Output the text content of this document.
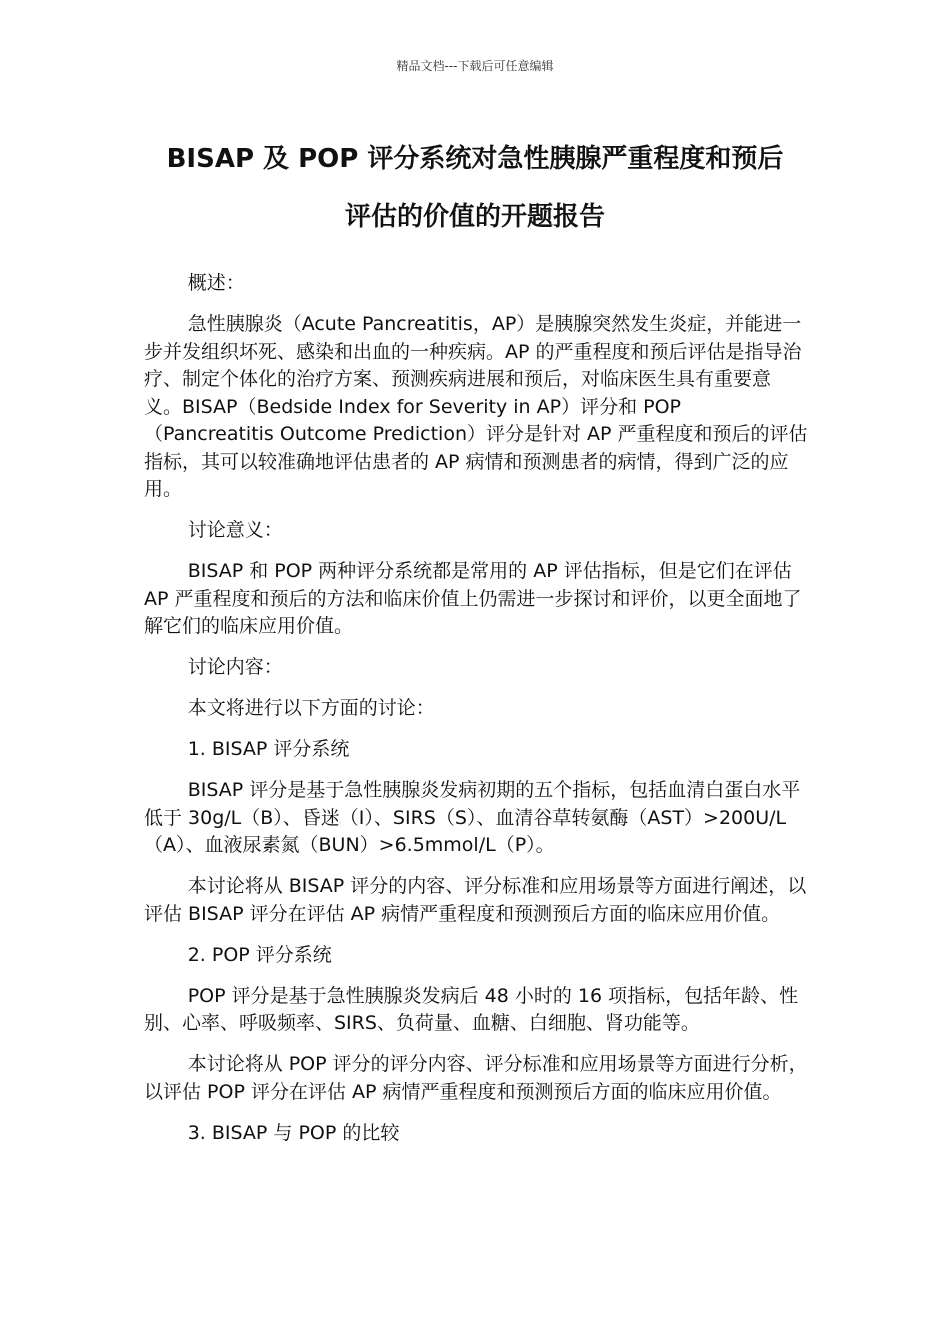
精品文档---下载后可任意编辑
BISAP 及 POP 评分系统对急性胰腺严重程度和预后
评估的价值的开题报告

概述：

急性胰腺炎（Acute Pancreatitis，AP）是胰腺突然发生炎症，并能进一步并发组织坏死、感染和出血的一种疾病。AP 的严重程度和预后评估是指导治疗、制定个体化的治疗方案、预测疾病进展和预后，对临床医生具有重要意义。BISAP（Bedside Index for Severity in AP）评分和 POP（Pancreatitis Outcome Prediction）评分是针对 AP 严重程度和预后的评估指标，其可以较准确地评估患者的 AP 病情和预测患者的病情，得到广泛的应用。

讨论意义：

BISAP 和 POP 两种评分系统都是常用的 AP 评估指标，但是它们在评估 AP 严重程度和预后的方法和临床价值上仍需进一步探讨和评价，以更全面地了解它们的临床应用价值。

讨论内容：

本文将进行以下方面的讨论：

1. BISAP 评分系统

BISAP 评分是基于急性胰腺炎发病初期的五个指标，包括血清白蛋白水平低于 30g/L（B）、昏迷（I）、SIRS（S）、血清谷草转氨酶（AST）>200U/L（A）、血液尿素氮（BUN）>6.5mmol/L（P）。

本讨论将从 BISAP 评分的内容、评分标准和应用场景等方面进行阐述，以评估 BISAP 评分在评估 AP 病情严重程度和预测预后方面的临床应用价值。

2. POP 评分系统

POP 评分是基于急性胰腺炎发病后 48 小时的 16 项指标，包括年龄、性别、心率、呼吸频率、SIRS、负荷量、血糖、白细胞、肾功能等。

本讨论将从 POP 评分的评分内容、评分标准和应用场景等方面进行分析，以评估 POP 评分在评估 AP 病情严重程度和预测预后方面的临床应用价值。

3. BISAP 与 POP 的比较
